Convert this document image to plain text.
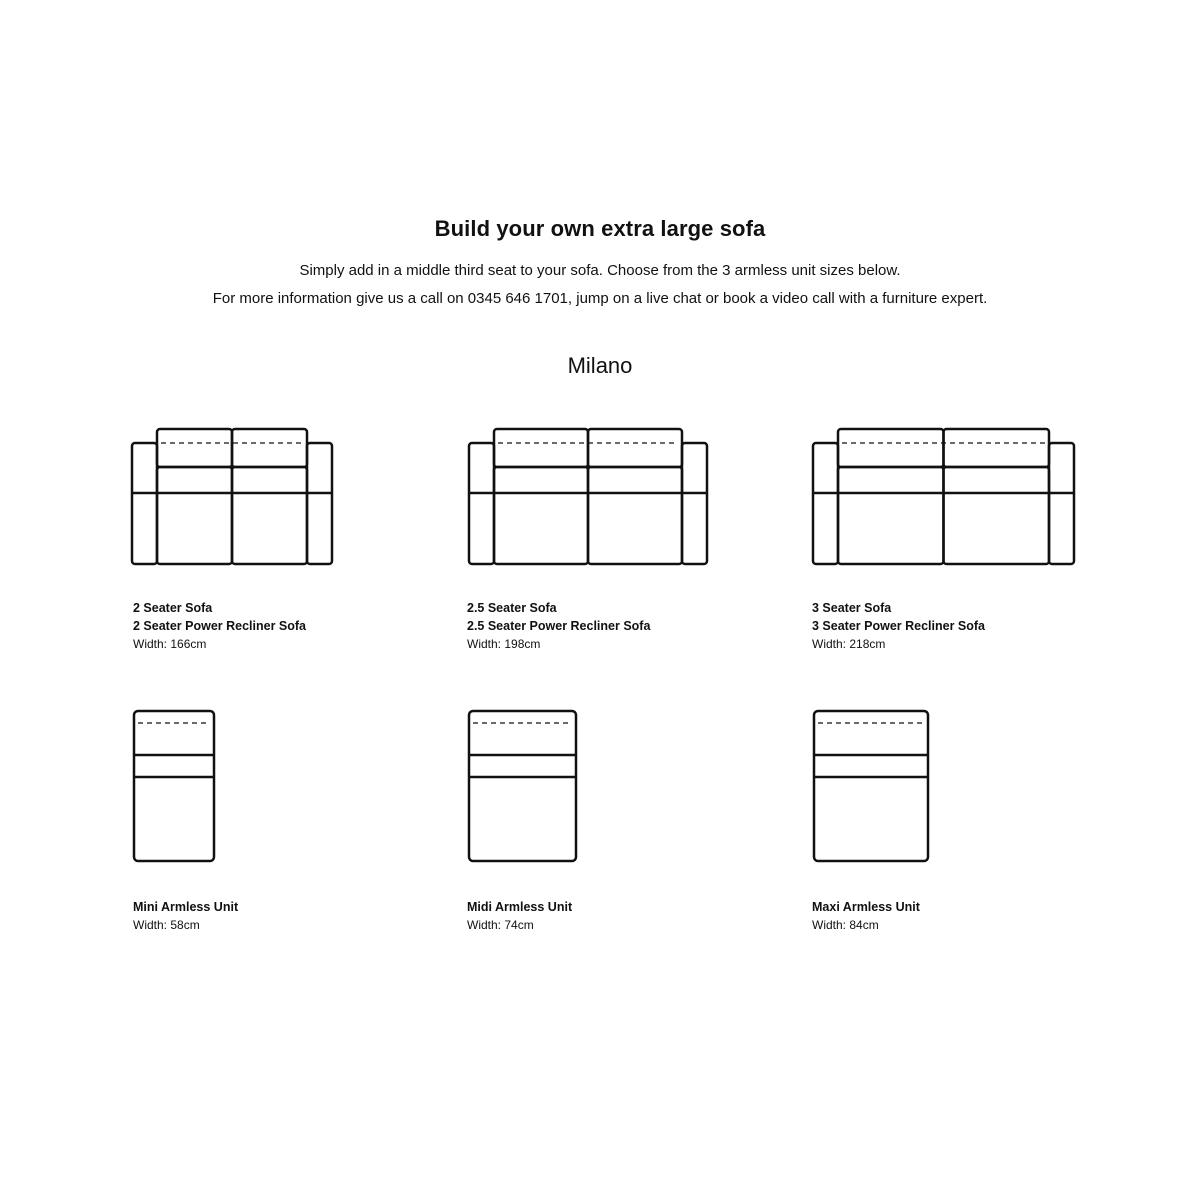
Build your own extra large sofa
Simply add in a middle third seat to your sofa. Choose from the 3 armless unit sizes below.
For more information give us a call on 0345 646 1701, jump on a live chat or book a video call with a furniture expert.
Milano
2 Seater Sofa
2 Seater Power Recliner Sofa
Width: 166cm
2.5 Seater Sofa
2.5 Seater Power Recliner Sofa
Width: 198cm
3 Seater Sofa
3 Seater Power Recliner Sofa
Width: 218cm
Mini Armless Unit
Width: 58cm
Midi Armless Unit
Width: 74cm
Maxi Armless Unit
Width: 84cm
